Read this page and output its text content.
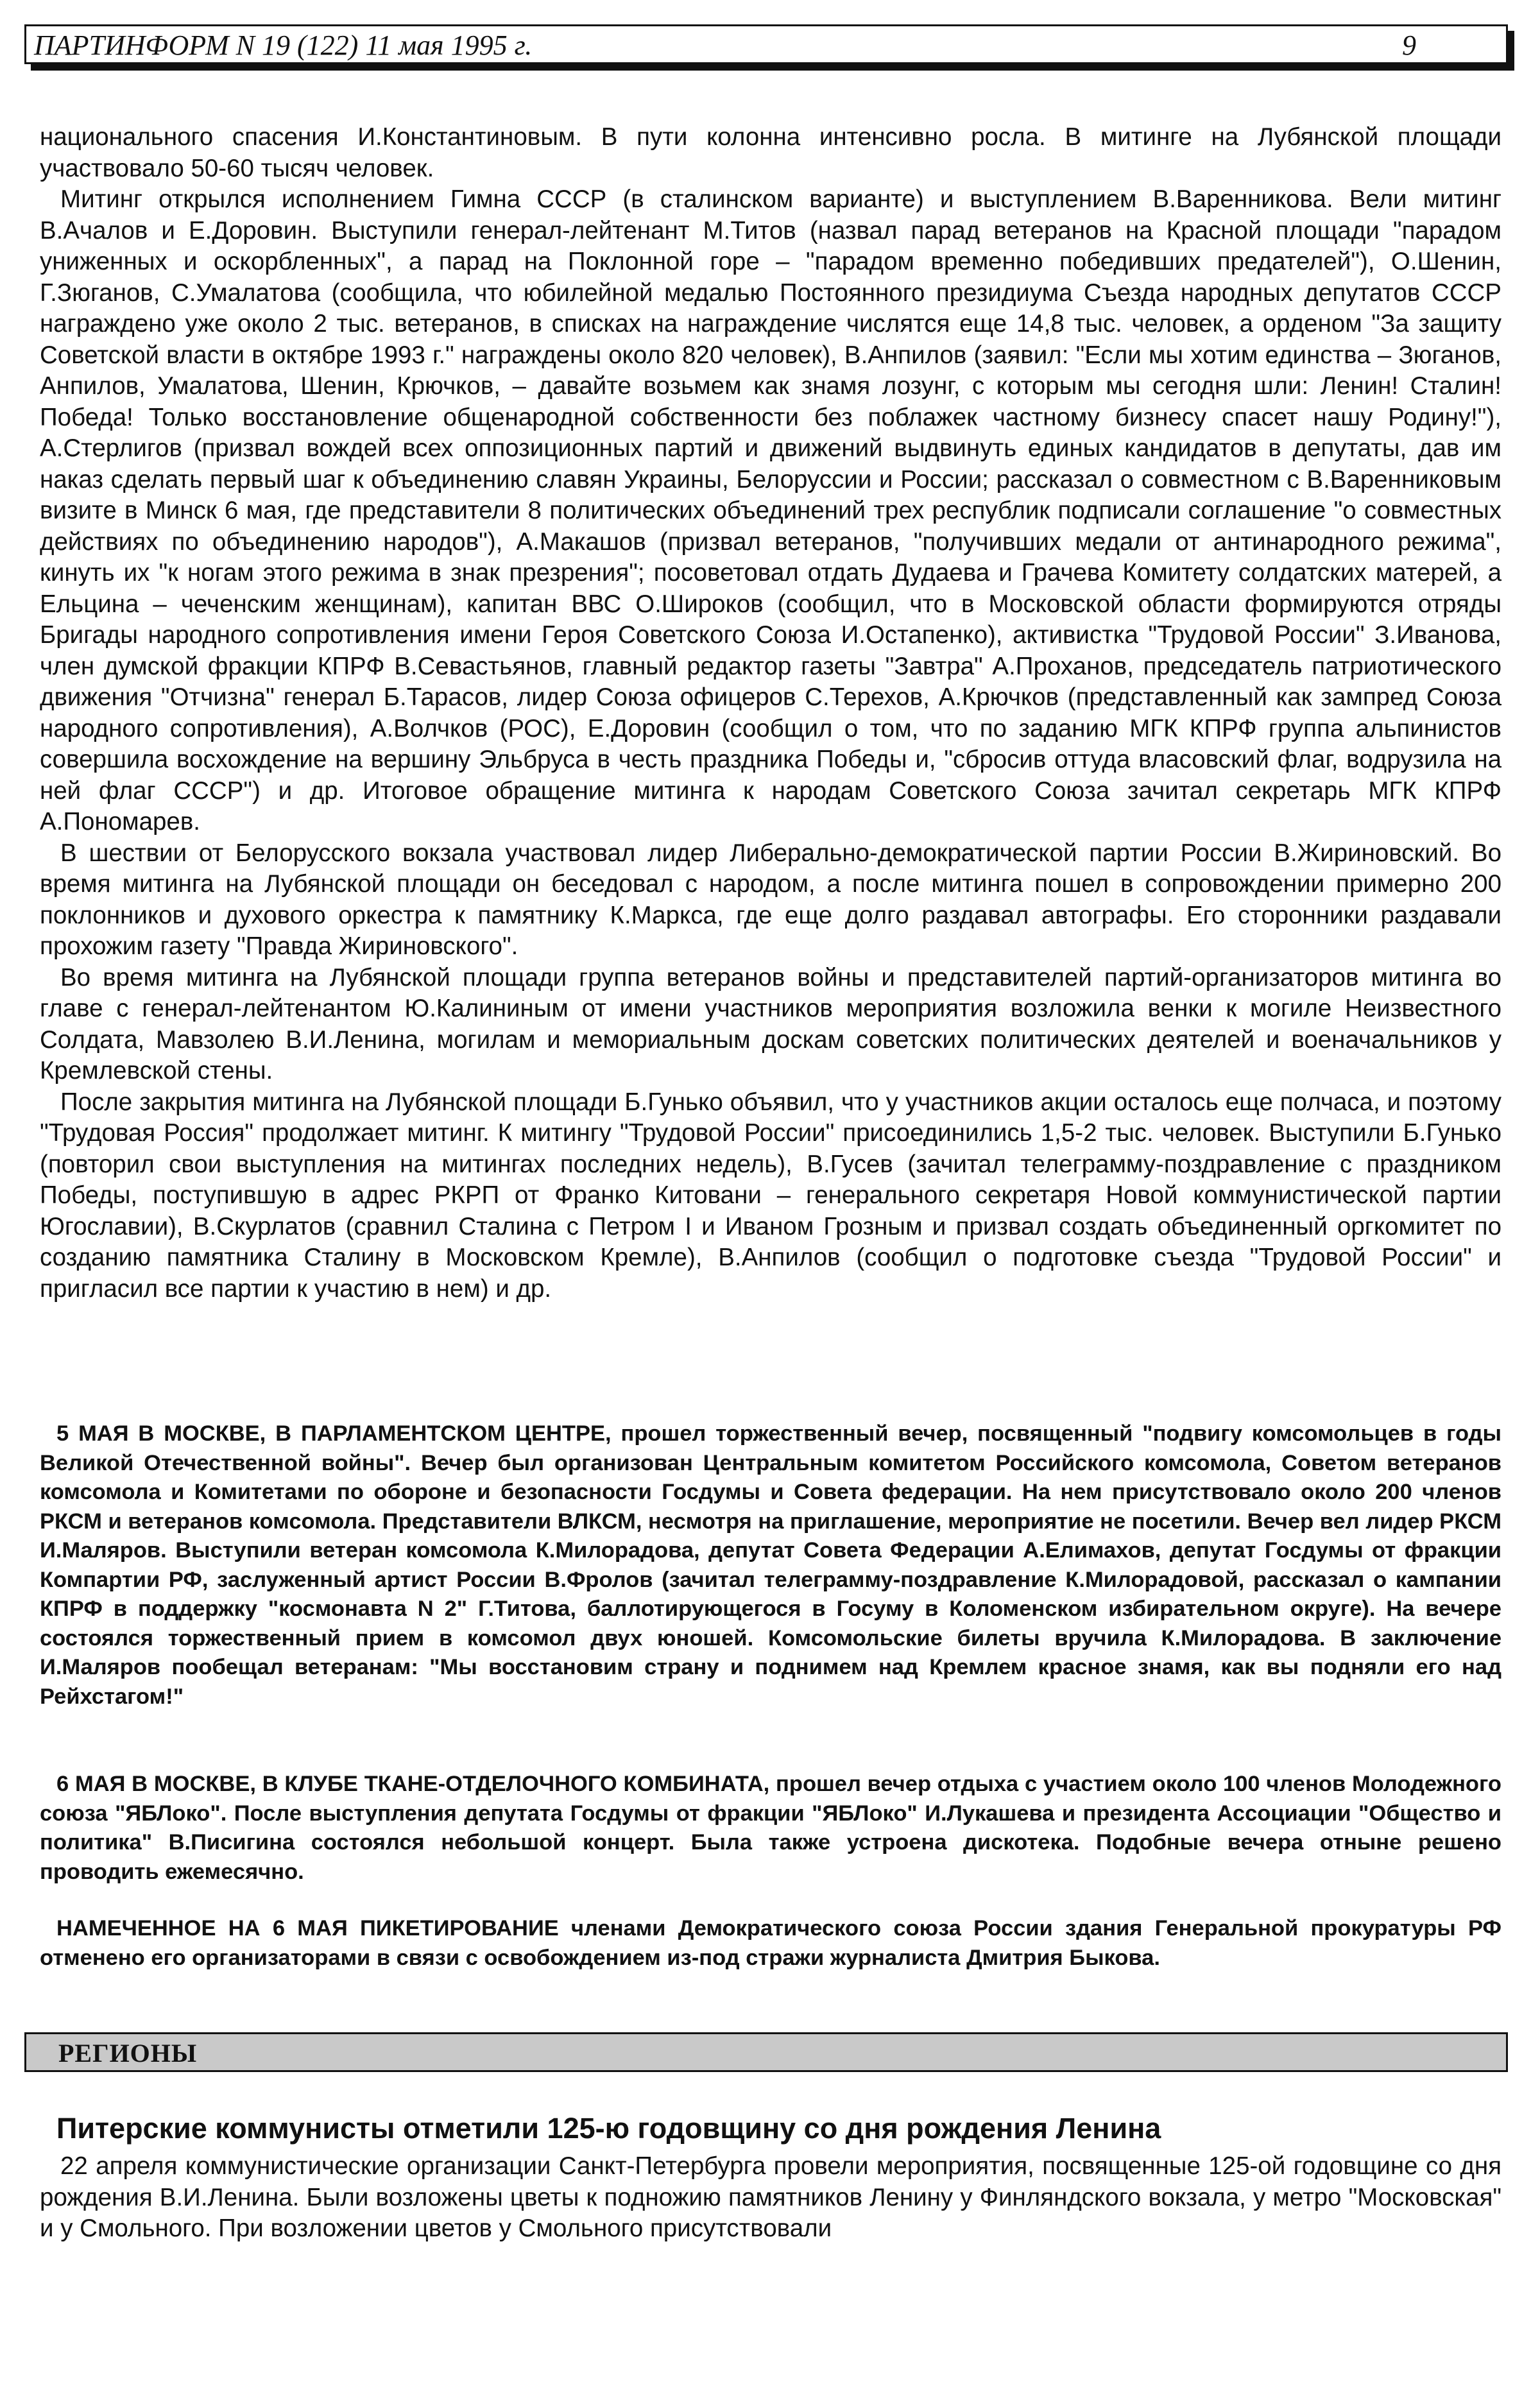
ПАРТИНФОРМ N 19 (122) 11 мая 1995 г.	9

национального спасения И.Константиновым. В пути колонна интенсивно росла. В митинге на Лубянской площади участвовало 50-60 тысяч человек.

Митинг открылся исполнением Гимна СССР (в сталинском варианте) и выступлением В.Варенникова. Вели митинг В.Ачалов и Е.Доровин. Выступили генерал-лейтенант М.Титов (назвал парад ветеранов на Красной площади "парадом униженных и оскорбленных", а парад на Поклонной горе – "парадом временно победивших предателей"), О.Шенин, Г.Зюганов, С.Умалатова (сообщила, что юбилейной медалью Постоянного президиума Съезда народных депутатов СССР награждено уже около 2 тыс. ветеранов, в списках на награждение числятся еще 14,8 тыс. человек, а орденом "За защиту Советской власти в октябре 1993 г." награждены около 820 человек), В.Анпилов (заявил: "Если мы хотим единства – Зюганов, Анпилов, Умалатова, Шенин, Крючков, – давайте возьмем как знамя лозунг, с которым мы сегодня шли: Ленин! Сталин! Победа! Только восстановление общенародной собственности без поблажек частному бизнесу спасет нашу Родину!"), А.Стерлигов (призвал вождей всех оппозиционных партий и движений выдвинуть единых кандидатов в депутаты, дав им наказ сделать первый шаг к объединению славян Украины, Белоруссии и России; рассказал о совместном с В.Варенниковым визите в Минск 6 мая, где представители 8 политических объединений трех республик подписали соглашение "о совместных действиях по объединению народов"), А.Макашов (призвал ветеранов, "получивших медали от антинародного режима", кинуть их "к ногам этого режима в знак презрения"; посоветовал отдать Дудаева и Грачева Комитету солдатских матерей, а Ельцина – чеченским женщинам), капитан ВВС О.Широков (сообщил, что в Московской области формируются отряды Бригады народного сопротивления имени Героя Советского Союза И.Остапенко), активистка "Трудовой России" З.Иванова, член думской фракции КПРФ В.Севастьянов, главный редактор газеты "Завтра" А.Проханов, председатель патриотического движения "Отчизна" генерал Б.Тарасов, лидер Союза офицеров С.Терехов, А.Крючков (представленный как зампред Союза народного сопротивления), А.Волчков (РОС), Е.Доровин (сообщил о том, что по заданию МГК КПРФ группа альпинистов совершила восхождение на вершину Эльбруса в честь праздника Победы и, "сбросив оттуда власовский флаг, водрузила на ней флаг СССР") и др. Итоговое обращение митинга к народам Советского Союза зачитал секретарь МГК КПРФ А.Пономарев.

В шествии от Белорусского вокзала участвовал лидер Либерально-демократической партии России В.Жириновский. Во время митинга на Лубянской площади он беседовал с народом, а после митинга пошел в сопровождении примерно 200 поклонников и духового оркестра к памятнику К.Маркса, где еще долго раздавал автографы. Его сторонники раздавали прохожим газету "Правда Жириновского".

Во время митинга на Лубянской площади группа ветеранов войны и представителей партий-организаторов митинга во главе с генерал-лейтенантом Ю.Калининым от имени участников мероприятия возложила венки к могиле Неизвестного Солдата, Мавзолею В.И.Ленина, могилам и мемориальным доскам советских политических деятелей и военачальников у Кремлевской стены.

После закрытия митинга на Лубянской площади Б.Гунько объявил, что у участников акции осталось еще полчаса, и поэтому "Трудовая Россия" продолжает митинг. К митингу "Трудовой России" присоединились 1,5-2 тыс. человек. Выступили Б.Гунько (повторил свои выступления на митингах последних недель), В.Гусев (зачитал телеграмму-поздравление с праздником Победы, поступившую в адрес РКРП от Франко Китовани – генерального секретаря Новой коммунистической партии Югославии), В.Скурлатов (сравнил Сталина с Петром I и Иваном Грозным и призвал создать объединенный оргкомитет по созданию памятника Сталину в Московском Кремле), В.Анпилов (сообщил о подготовке съезда "Трудовой России" и пригласил все партии к участию в нем) и др.

5 МАЯ В МОСКВЕ, В ПАРЛАМЕНТСКОМ ЦЕНТРЕ, прошел торжественный вечер, посвященный "подвигу комсомольцев в годы Великой Отечественной войны". Вечер был организован Центральным комитетом Российского комсомола, Советом ветеранов комсомола и Комитетами по обороне и безопасности Госдумы и Совета федерации. На нем присутствовало около 200 членов РКСМ и ветеранов комсомола. Представители ВЛКСМ, несмотря на приглашение, мероприятие не посетили. Вечер вел лидер РКСМ И.Маляров. Выступили ветеран комсомола К.Милорадова, депутат Совета Федерации А.Елимахов, депутат Госдумы от фракции Компартии РФ, заслуженный артист России В.Фролов (зачитал телеграмму-поздравление К.Милорадовой, рассказал о кампании КПРФ в поддержку "космонавта N 2" Г.Титова, баллотирующегося в Госуму в Коломенском избирательном округе). На вечере состоялся торжественный прием в комсомол двух юношей. Комсомольские билеты вручила К.Милорадова. В заключение И.Маляров пообещал ветеранам: "Мы восстановим страну и поднимем над Кремлем красное знамя, как вы подняли его над Рейхстагом!"

6 МАЯ В МОСКВЕ, В КЛУБЕ ТКАНЕ-ОТДЕЛОЧНОГО КОМБИНАТА, прошел вечер отдыха с участием около 100 членов Молодежного союза "ЯБЛоко". После выступления депутата Госдумы от фракции "ЯБЛоко" И.Лукашева и президента Ассоциации "Общество и политика" В.Писигина состоялся небольшой концерт. Была также устроена дискотека. Подобные вечера отныне решено проводить ежемесячно.

НАМЕЧЕННОЕ НА 6 МАЯ ПИКЕТИРОВАНИЕ членами Демократического союза России здания Генеральной прокуратуры РФ отменено его организаторами в связи с освобождением из-под стражи журналиста Дмитрия Быкова.

РЕГИОНЫ
Питерские коммунисты отметили 125-ю годовщину со дня рождения Ленина

22 апреля коммунистические организации Санкт-Петербурга провели мероприятия, посвященные 125-ой годовщине со дня рождения В.И.Ленина. Были возложены цветы к подножию памятников Ленину у Финляндского вокзала, у метро "Московская" и у Смольного. При возложении цветов у Смольного присутствовали
